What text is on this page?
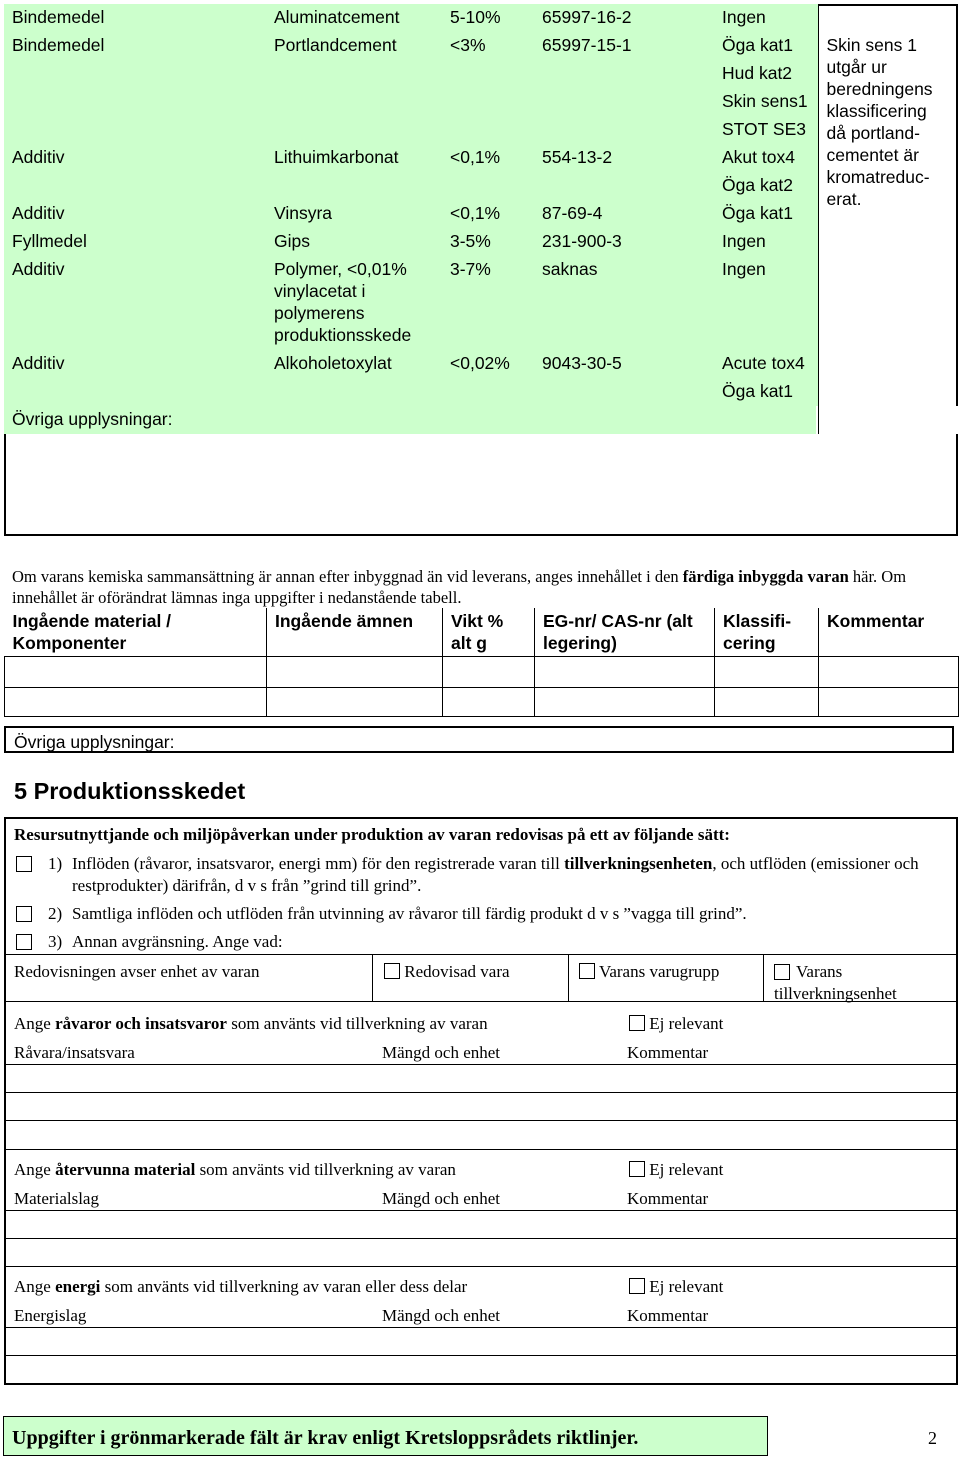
Bindemedel	Aluminatcement	5-10%	65997-16-2	Ingen	

Bindemedel	Portlandcement	<3%	65997-15-1	Öga kat1
Hud kat2
Skin sens1
STOT SE3	Skin sens 1 utgår ur beredningens klassificering då portland-cementet är kromatreduc-erat.

Additiv	Lithuimkarbonat	<0,1%	554-13-2	Akut tox4
Öga kat2	

Additiv	Vinsyra	<0,1%	87-69-4	Öga kat1	

Fyllmedel	Gips	3-5%	231-900-3	Ingen	

Additiv	Polymer, <0,01% vinylacetat i polymerens produktionsskede	3-7%	saknas	Ingen	

Additiv	Alkoholetoxylat	<0,02%	9043-30-5	Acute tox4
Öga kat1	

Övriga upplysningar:					
Om varans kemiska sammansättning är annan efter inbyggnad än vid leverans, anges innehållet i den färdiga inbyggda varan här. Om innehållet är oförändrat lämnas inga uppgifter i nedanstående tabell.
Ingående material / Komponenter	Ingående ämnen	Vikt % alt g	EG-nr/ CAS-nr (alt legering)	Klassifi-cering	Kommentar

Övriga upplysningar:
5 Produktionsskedet
Resursutnyttjande och miljöpåverkan under produktion av varan redovisas på ett av följande sätt:
1) Inflöden (råvaror, insatsvaror, energi mm) för den registrerade varan till tillverkningsenheten, och utflöden (emissioner och restprodukter) därifrån, d v s från ”grind till grind”.
2) Samtliga inflöden och utflöden från utvinning av råvaror till färdig produkt d v s ”vagga till grind”.
3) Annan avgränsning. Ange vad:
Redovisningen avser enhet av varan	Redovisad vara	Varans varugrupp	Varans tillverkningsenhet
Ange råvaror och insatsvaror som använts vid tillverkning av varan	Ej relevant
Råvara/insatsvara	Mängd och enhet	Kommentar
Ange återvunna material som använts vid tillverkning av varan	Ej relevant
Materialslag	Mängd och enhet	Kommentar
Ange energi som använts vid tillverkning av varan eller dess delar	Ej relevant
Energislag	Mängd och enhet	Kommentar
Uppgifter i grönmarkerade fält är krav enligt Kretsloppsrådets riktlinjer.	2
